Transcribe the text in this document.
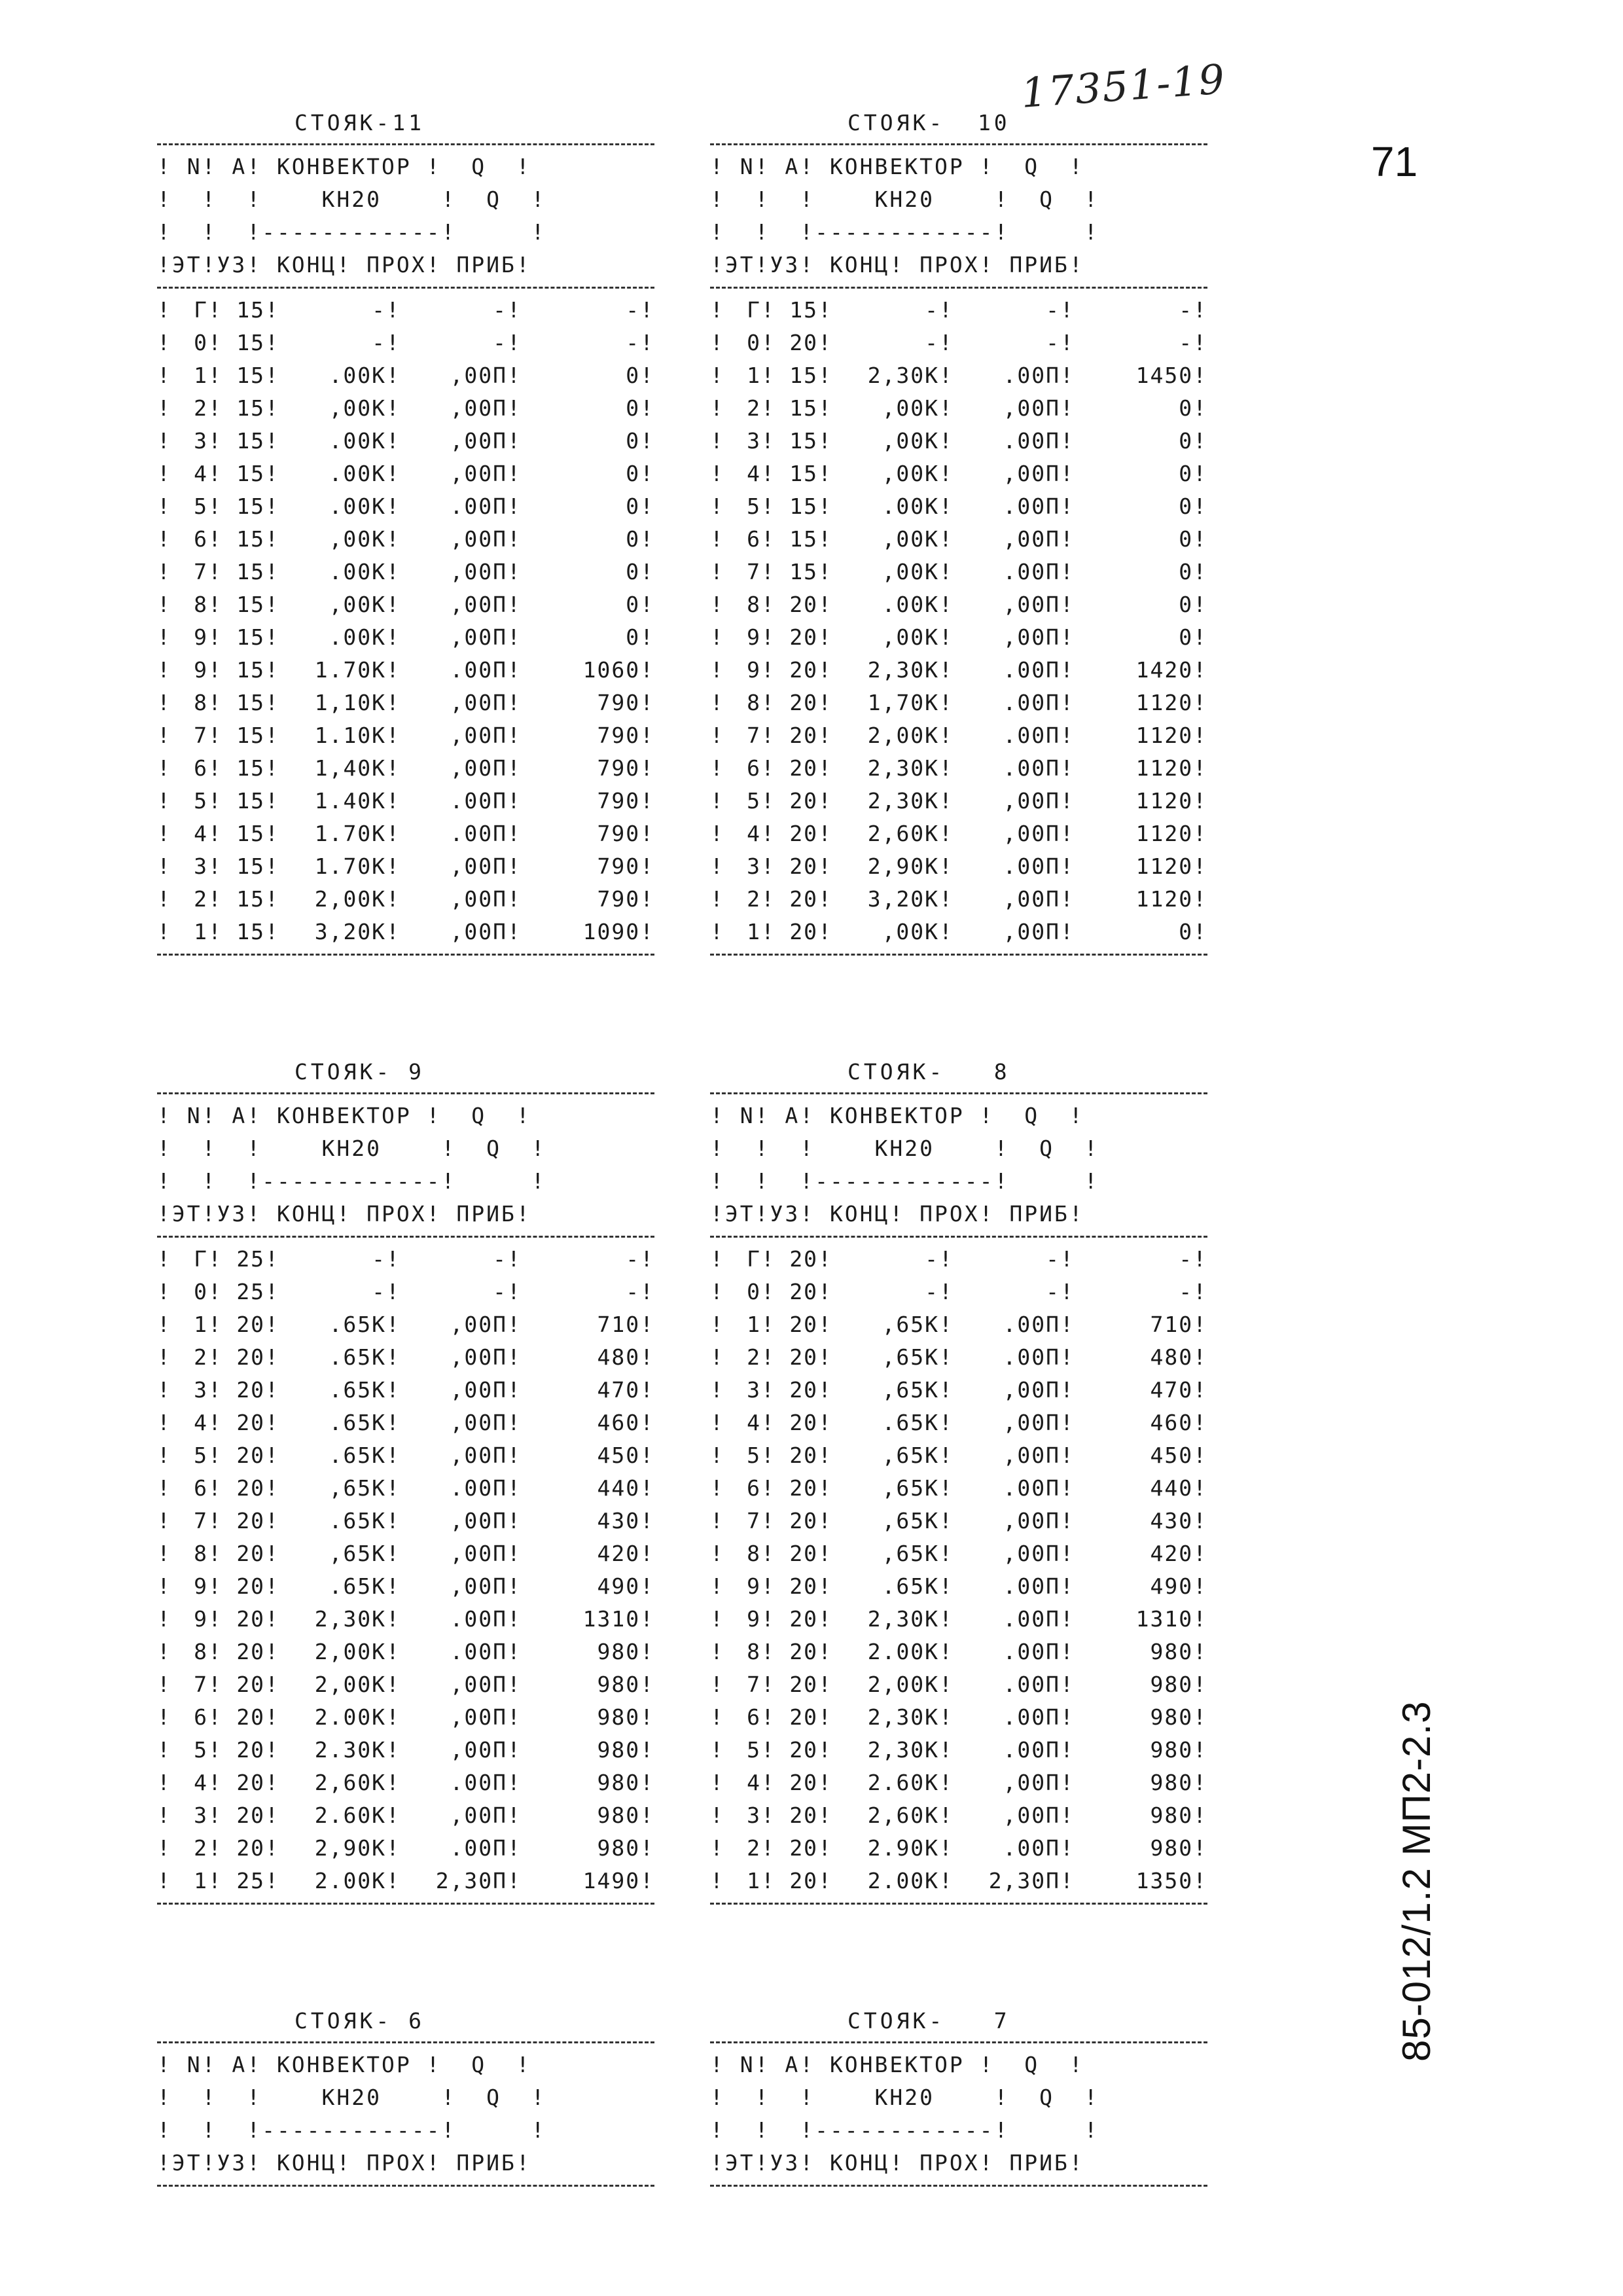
17351-19
71
85-012/1.2 МП2-2.3
СТОЯК-11
! N! A! КОНВЕКТОР !  Q  !
!  !  !    КН20    !  Q  !
!  !  !------------!     !
!ЭТ!УЗ! КОНЦ! ПРОХ! ПРИБ!
!	Г ! 15 !	- !	- !	- !
!	0 ! 15 !	- !	- !	- !
!	1 ! 15 !	.00К !	,00П !	0 !
!	2 ! 15 !	,00К !	,00П !	0 !
!	3 ! 15 !	.00К !	,00П !	0 !
!	4 ! 15 !	.00К !	,00П !	0 !
!	5 ! 15 !	.00К !	.00П !	0 !
!	6 ! 15 !	,00К !	,00П !	0 !
!	7 ! 15 !	.00К !	,00П !	0 !
!	8 ! 15 !	,00К !	,00П !	0 !
!	9 ! 15 !	.00К !	,00П !	0 !
!	9 ! 15 !	1.70К !	.00П !	1060 !
!	8 ! 15 !	1,10К !	,00П !	790 !
!	7 ! 15 !	1.10К !	,00П !	790 !
!	6 ! 15 !	1,40К !	,00П !	790 !
!	5 ! 15 !	1.40К !	.00П !	790 !
!	4 ! 15 !	1.70К !	.00П !	790 !
!	3 ! 15 !	1.70К !	,00П !	790 !
!	2 ! 15 !	2,00К !	,00П !	790 !
!	1 ! 15 !	3,20К !	,00П !	1090 !
СТОЯК-  10
! N! A! КОНВЕКТОР !  Q  !
!  !  !    КН20    !  Q  !
!  !  !------------!     !
!ЭТ!УЗ! КОНЦ! ПРОХ! ПРИБ!
!	Г ! 15 !	- !	- !	- !
!	0 ! 20 !	- !	- !	- !
!	1 ! 15 !	2,30К !	.00П !	1450 !
!	2 ! 15 !	,00К !	,00П !	0 !
!	3 ! 15 !	,00К !	.00П !	0 !
!	4 ! 15 !	,00К !	,00П !	0 !
!	5 ! 15 !	.00К !	.00П !	0 !
!	6 ! 15 !	,00К !	,00П !	0 !
!	7 ! 15 !	,00К !	.00П !	0 !
!	8 ! 20 !	.00К !	,00П !	0 !
!	9 ! 20 !	,00К !	,00П !	0 !
!	9 ! 20 !	2,30К !	.00П !	1420 !
!	8 ! 20 !	1,70К !	.00П !	1120 !
!	7 ! 20 !	2,00К !	.00П !	1120 !
!	6 ! 20 !	2,30К !	.00П !	1120 !
!	5 ! 20 !	2,30К !	,00П !	1120 !
!	4 ! 20 !	2,60К !	,00П !	1120 !
!	3 ! 20 !	2,90К !	.00П !	1120 !
!	2 ! 20 !	3,20К !	,00П !	1120 !
!	1 ! 20 !	,00К !	,00П !	0 !
СТОЯК- 9
! N! A! КОНВЕКТОР !  Q  !
!  !  !    КН20    !  Q  !
!  !  !------------!     !
!ЭТ!УЗ! КОНЦ! ПРОХ! ПРИБ!
!	Г ! 25 !	- !	- !	- !
!	0 ! 25 !	- !	- !	- !
!	1 ! 20 !	.65К !	,00П !	710 !
!	2 ! 20 !	.65К !	,00П !	480 !
!	3 ! 20 !	.65К !	,00П !	470 !
!	4 ! 20 !	.65К !	,00П !	460 !
!	5 ! 20 !	.65К !	,00П !	450 !
!	6 ! 20 !	,65К !	.00П !	440 !
!	7 ! 20 !	.65К !	,00П !	430 !
!	8 ! 20 !	,65К !	,00П !	420 !
!	9 ! 20 !	.65К !	,00П !	490 !
!	9 ! 20 !	2,30К !	.00П !	1310 !
!	8 ! 20 !	2,00К !	.00П !	980 !
!	7 ! 20 !	2,00К !	,00П !	980 !
!	6 ! 20 !	2.00К !	,00П !	980 !
!	5 ! 20 !	2.30К !	,00П !	980 !
!	4 ! 20 !	2,60К !	.00П !	980 !
!	3 ! 20 !	2.60К !	,00П !	980 !
!	2 ! 20 !	2,90К !	.00П !	980 !
!	1 ! 25 !	2.00К !	2,30П !	1490 !
СТОЯК-   8
! N! A! КОНВЕКТОР !  Q  !
!  !  !    КН20    !  Q  !
!  !  !------------!     !
!ЭТ!УЗ! КОНЦ! ПРОХ! ПРИБ!
!	Г ! 20 !	- !	- !	- !
!	0 ! 20 !	- !	- !	- !
!	1 ! 20 !	,65К !	.00П !	710 !
!	2 ! 20 !	,65К !	.00П !	480 !
!	3 ! 20 !	,65К !	,00П !	470 !
!	4 ! 20 !	.65К !	,00П !	460 !
!	5 ! 20 !	,65К !	,00П !	450 !
!	6 ! 20 !	,65К !	.00П !	440 !
!	7 ! 20 !	,65К !	,00П !	430 !
!	8 ! 20 !	,65К !	,00П !	420 !
!	9 ! 20 !	.65К !	.00П !	490 !
!	9 ! 20 !	2,30К !	.00П !	1310 !
!	8 ! 20 !	2.00К !	.00П !	980 !
!	7 ! 20 !	2,00К !	.00П !	980 !
!	6 ! 20 !	2,30К !	.00П !	980 !
!	5 ! 20 !	2,30К !	.00П !	980 !
!	4 ! 20 !	2.60К !	,00П !	980 !
!	3 ! 20 !	2,60К !	,00П !	980 !
!	2 ! 20 !	2.90К !	.00П !	980 !
!	1 ! 20 !	2.00К !	2,30П !	1350 !
СТОЯК- 6
! N! A! КОНВЕКТОР !  Q  !
!  !  !    КН20    !  Q  !
!  !  !------------!     !
!ЭТ!УЗ! КОНЦ! ПРОХ! ПРИБ!
СТОЯК-   7
! N! A! КОНВЕКТОР !  Q  !
!  !  !    КН20    !  Q  !
!  !  !------------!     !
!ЭТ!УЗ! КОНЦ! ПРОХ! ПРИБ!
